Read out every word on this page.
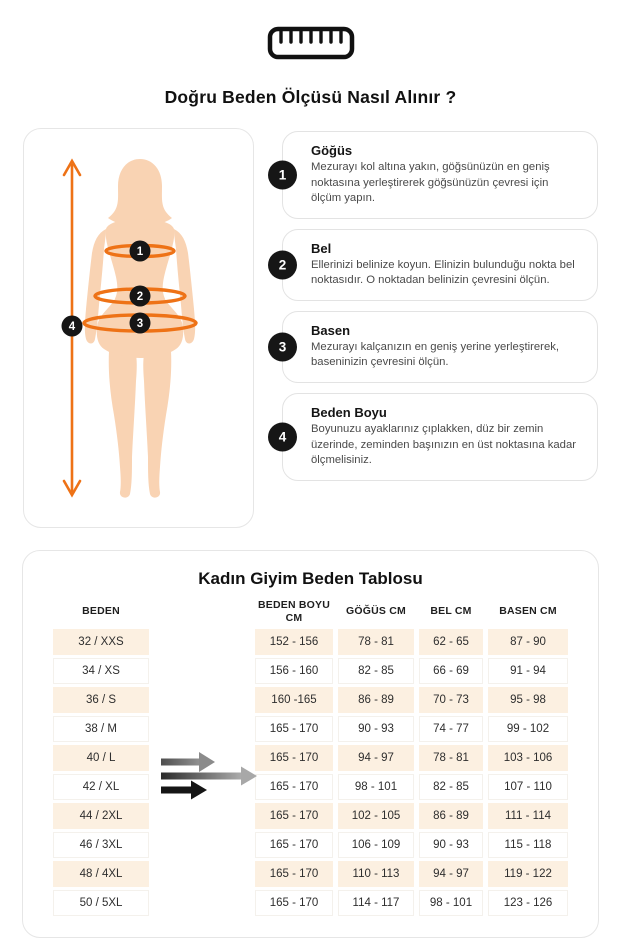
Doğru Beden Ölçüsü Nasıl Alınır ?
1
2
3
4
1
Göğüs
Mezurayı kol altına yakın, göğsünüzün en geniş noktasına yerleştirerek göğsünüzün çevresi için ölçüm yapın.
2
Bel
Ellerinizi belinize koyun. Elinizin bulunduğu nokta bel noktasıdır. O noktadan belinizin çevresini ölçün.
3
Basen
Mezurayı kalçanızın en geniş yerine yerleştirerek, baseninizin çevresini ölçün.
4
Beden Boyu
Boyunuzu ayaklarınız çıplakken, düz bir zemin üzerinde, zeminden başınızın en üst noktasına kadar ölçmelisiniz.
Kadın Giyim Beden Tablosu
BEDEN		BEDEN BOYU CM	GÖĞÜS CM	BEL CM	BASEN CM
32 / XXS		152 - 156	78 - 81	62 - 65	87 - 90
34 / XS		156 - 160	82 - 85	66 - 69	91 - 94
36 / S		160 -165	86 - 89	70 - 73	95 - 98
38 / M		165 - 170	90 - 93	74 - 77	99 - 102
40 / L		165 - 170	94 - 97	78 - 81	103 - 106
42 / XL		165 - 170	98 - 101	82 - 85	107 - 110
44 / 2XL		165 - 170	102 - 105	86 - 89	111 - 114
46 / 3XL		165 - 170	106 - 109	90 - 93	115 - 118
48 / 4XL		165 - 170	110 - 113	94 - 97	119 - 122
50 / 5XL		165 - 170	114 - 117	98 - 101	123 - 126
